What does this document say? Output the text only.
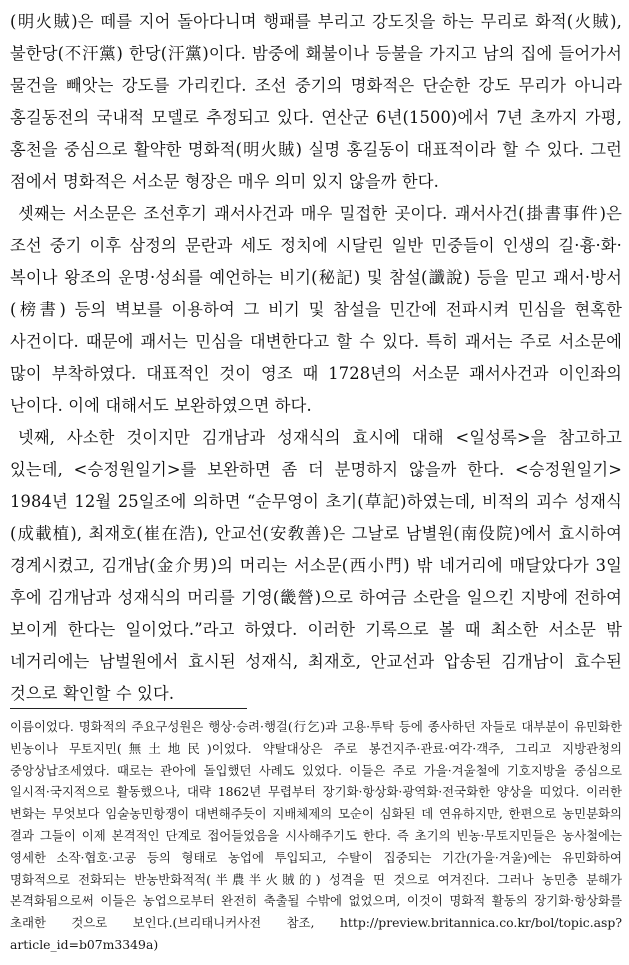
(明火賊)은 떼를 지어 돌아다니며 행패를 부리고 강도짓을 하는 무리로 화적(火賊), 불한당(不汗黨) 한당(汗黨)이다. 밤중에 홰불이나 등불을 가지고 남의 집에 들어가서 물건을 빼앗는 강도를 가리킨다. 조선 중기의 명화적은 단순한 강도 무리가 아니라 홍길동전의 국내적 모델로 추정되고 있다. 연산군 6년(1500)에서 7년 초까지 가평, 홍천을 중심으로 활약한 명화적(明火賊) 실명 홍길동이 대표적이라 할 수 있다. 그런 점에서 명화적은 서소문 형장은 매우 의미 있지 않을까 한다.

셋째는 서소문은 조선후기 괘서사건과 매우 밀접한 곳이다. 괘서사건(掛書事件)은 조선 중기 이후 삼정의 문란과 세도 정치에 시달린 일반 민중들이 인생의 길·흉·화·복이나 왕조의 운명·성쇠를 예언하는 비기(秘記) 및 참설(讖說) 등을 믿고 괘서·방서(榜書) 등의 벽보를 이용하여 그 비기 및 참설을 민간에 전파시켜 민심을 현혹한 사건이다. 때문에 괘서는 민심을 대변한다고 할 수 있다. 특히 괘서는 주로 서소문에 많이 부착하였다. 대표적인 것이 영조 때 1728년의 서소문 괘서사건과 이인좌의 난이다. 이에 대해서도 보완하였으면 하다.

넷째, 사소한 것이지만 김개남과 성재식의 효시에 대해 <일성록>을 참고하고 있는데, <승정원일기>를 보완하면 좀 더 분명하지 않을까 한다. <승정원일기> 1984년 12월 25일조에 의하면 “순무영이 초기(草記)하였는데, 비적의 괴수 성재식(成載植), 최재호(崔在浩), 안교선(安敎善)은 그날로 남별원(南伇院)에서 효시하여 경계시켰고, 김개남(金介男)의 머리는 서소문(西小門) 밖 네거리에 매달았다가 3일 후에 김개남과 성재식의 머리를 기영(畿營)으로 하여금 소란을 일으킨 지방에 전하여 보이게 한다는 일이었다.”라고 하였다. 이러한 기록으로 볼 때 최소한 서소문 밖 네거리에는 남벌원에서 효시된 성재식, 최재호, 안교선과 압송된 김개남이 효수된 것으로 확인할 수 있다.

이름이었다. 명화적의 주요구성원은 행상·승려·행걸(行乞)과 고용·투탁 등에 종사하던 자들로 대부분이 유민화한 빈농이나 무토지민(無土地民)이었다. 약탈대상은 주로 봉건지주·관료·여각·객주, 그리고 지방관청의 중앙상납조세였다. 때로는 관아에 돌입했던 사례도 있었다. 이들은 주로 가을·겨울철에 기호지방을 중심으로 일시적·국지적으로 활동했으나, 대략 1862년 무렵부터 장기화·항상화·광역화·전국화한 양상을 띠었다. 이러한 변화는 무엇보다 임술농민항쟁이 대변해주듯이 지배체제의 모순이 심화된 데 연유하지만, 한편으로 농민분화의 결과 그들이 이제 본격적인 단계로 접어들었음을 시사해주기도 한다. 즉 초기의 빈농·무토지민들은 농사철에는 영세한 소작·협호·고공 등의 형태로 농업에 투입되고, 수탈이 집중되는 기간(가을·겨울)에는 유민화하여 명화적으로 전화되는 반농반화적적(半農半火賊的) 성격을 띤 것으로 여겨진다. 그러나 농민층 분해가 본격화됨으로써 이들은 농업으로부터 완전히 축출될 수밖에 없었으며, 이것이 명화적 활동의 장기화·항상화를 초래한 것으로 보인다.(브리태니커사전 참조, http://preview.britannica.co.kr/bol/topic.asp?article_id=b07m3349a)
